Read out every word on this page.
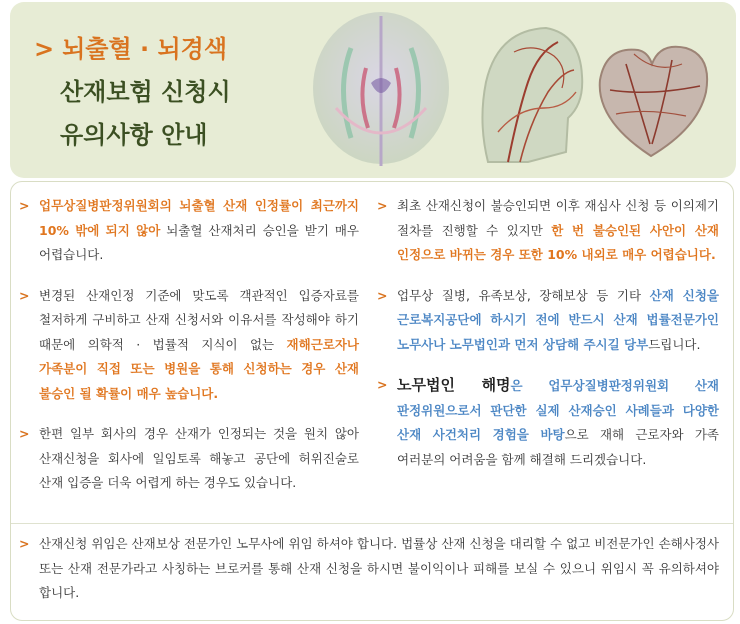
> 뇌출혈 · 뇌경색
산재보험 신청시
유의사항 안내
> 업무상질병판정위원회의 뇌출혈 산재 인정률이 최근까지 10% 밖에 되지 않아 뇌출혈 산재처리 승인을 받기 매우 어렵습니다.
> 변경된 산재인정 기준에 맞도록 객관적인 입증자료를 철저하게 구비하고 산재 신청서와 이유서를 작성해야 하기 때문에 의학적 · 법률적 지식이 없는 재해근로자나 가족분이 직접 또는 병원을 통해 신청하는 경우 산재 불승인 될 확률이 매우 높습니다.
> 한편 일부 회사의 경우 산재가 인정되는 것을 원치 않아 산재신청을 회사에 일임토록 해놓고 공단에 허위진술로 산재 입증을 더욱 어렵게 하는 경우도 있습니다.
> 최초 산재신청이 불승인되면 이후 재심사 신청 등 이의제기 절차를 진행할 수 있지만 한 번 불승인된 사안이 산재 인정으로 바뀌는 경우 또한 10% 내외로 매우 어렵습니다.
> 업무상 질병, 유족보상, 장해보상 등 기타 산재 신청을 근로복지공단에 하시기 전에 반드시 산재 법률전문가인 노무사나 노무법인과 먼저 상담해 주시길 당부드립니다.
> 노무법인 해명은 업무상질병판정위원회 산재 판정위원으로서 판단한 실제 산재승인 사례들과 다양한 산재 사건처리 경험을 바탕으로 재해 근로자와 가족 여러분의 어려움을 함께 해결해 드리겠습니다.
> 산재신청 위임은 산재보상 전문가인 노무사에 위임 하셔야 합니다. 법률상 산재 신청을 대리할 수 없고 비전문가인 손해사정사 또는 산재 전문가라고 사칭하는 브로커를 통해 산재 신청을 하시면 불이익이나 피해를 보실 수 있으니 위임시 꼭 유의하셔야 합니다.
